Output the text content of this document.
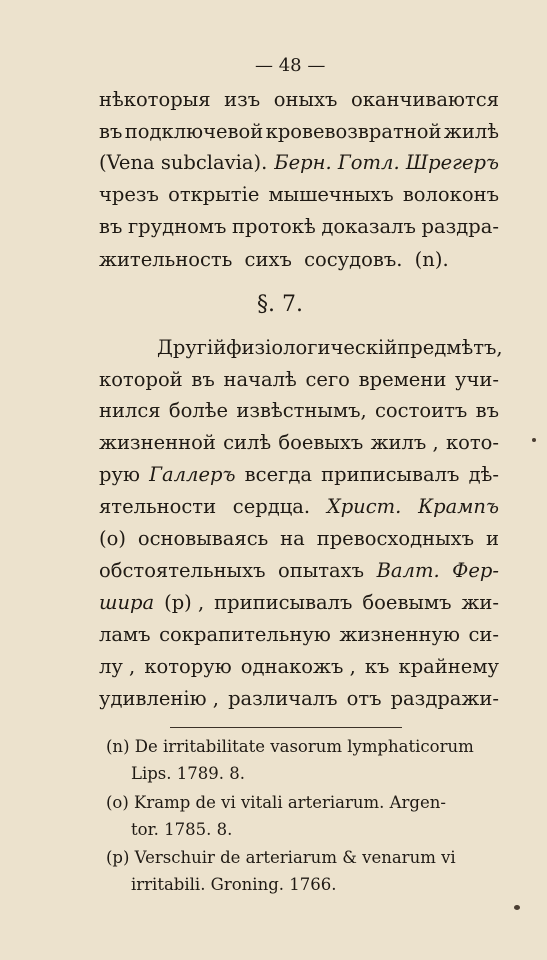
— 48 —
нѣкоторыя изъ оныхъ оканчиваются
въ подключевой кровевозвратной жилѣ
(Vena subclavia). Берн. Готл. Шрегеръ
чрезъ открытіе мышечныхъ волоконъ
въ грудномъ протокѣ доказалъ раздра-
жительность сихъ сосудовъ. (n).
§. 7.
Другій физіологическій предмѣтъ,
которой въ началѣ сего времени учи-
нился болѣе извѣстнымъ, состоитъ въ
жизненной силѣ боевыхъ жилъ , кото-
рую Галлеръ всегда приписывалъ дѣ-
ятельности сердца. Христ. Крампъ
(о) основываясь на превосходныхъ и
обстоятельныхъ опытахъ Валт. Фер-
шира (р) , приписывалъ боевымъ жи-
ламъ сокрапительную жизненную си-
лу , которую однакожъ , къ крайнему
удивленію , различалъ отъ раздражи-
(n) De irritabilitate vasorum lymphaticorum
Lips. 1789. 8.
(o) Kramp de vi vitali arteriarum. Argen-
tor. 1785. 8.
(p) Verschuir de arteriarum & venarum vi
irritabili. Groning. 1766.
